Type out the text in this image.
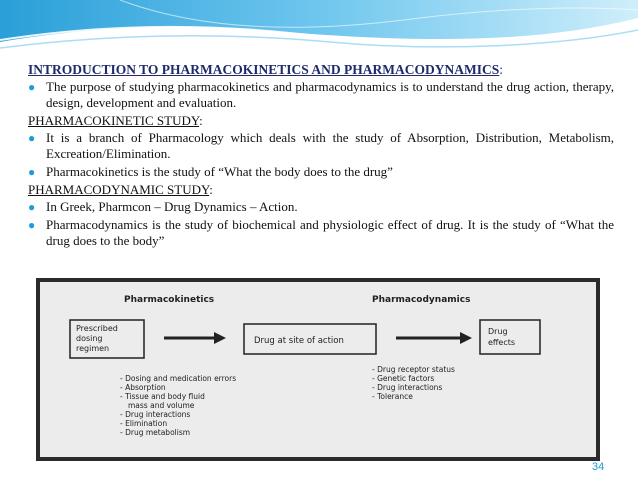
INTRODUCTION TO PHARMACOKINETICS AND PHARMACODYNAMICS:

● The purpose of studying pharmacokinetics and pharmacodynamics is to understand the drug action, therapy, design, development and evaluation.

PHARMACOKINETIC STUDY:

● It is a branch of Pharmacology which deals with the study of Absorption, Distribution, Metabolism, Excreation/Elimination.
● Pharmacokinetics is the study of “What the body does to the drug”

PHARMACODYNAMIC STUDY:

● In Greek, Pharmcon – Drug Dynamics – Action.
● Pharmacodynamics is the study of biochemical and physiologic effect of drug. It is the study of “What the drug does to the body”
Pharmacokinetics	Pharmacodynamics
Prescribed
dosing
regimen
Drug at site of action
Drug
effects
- Dosing and medication errors
- Absorption
- Tissue and body fluid
mass and volume
- Drug interactions
- Elimination
- Drug metabolism
- Drug receptor status
- Genetic factors
- Drug interactions
- Tolerance
34
